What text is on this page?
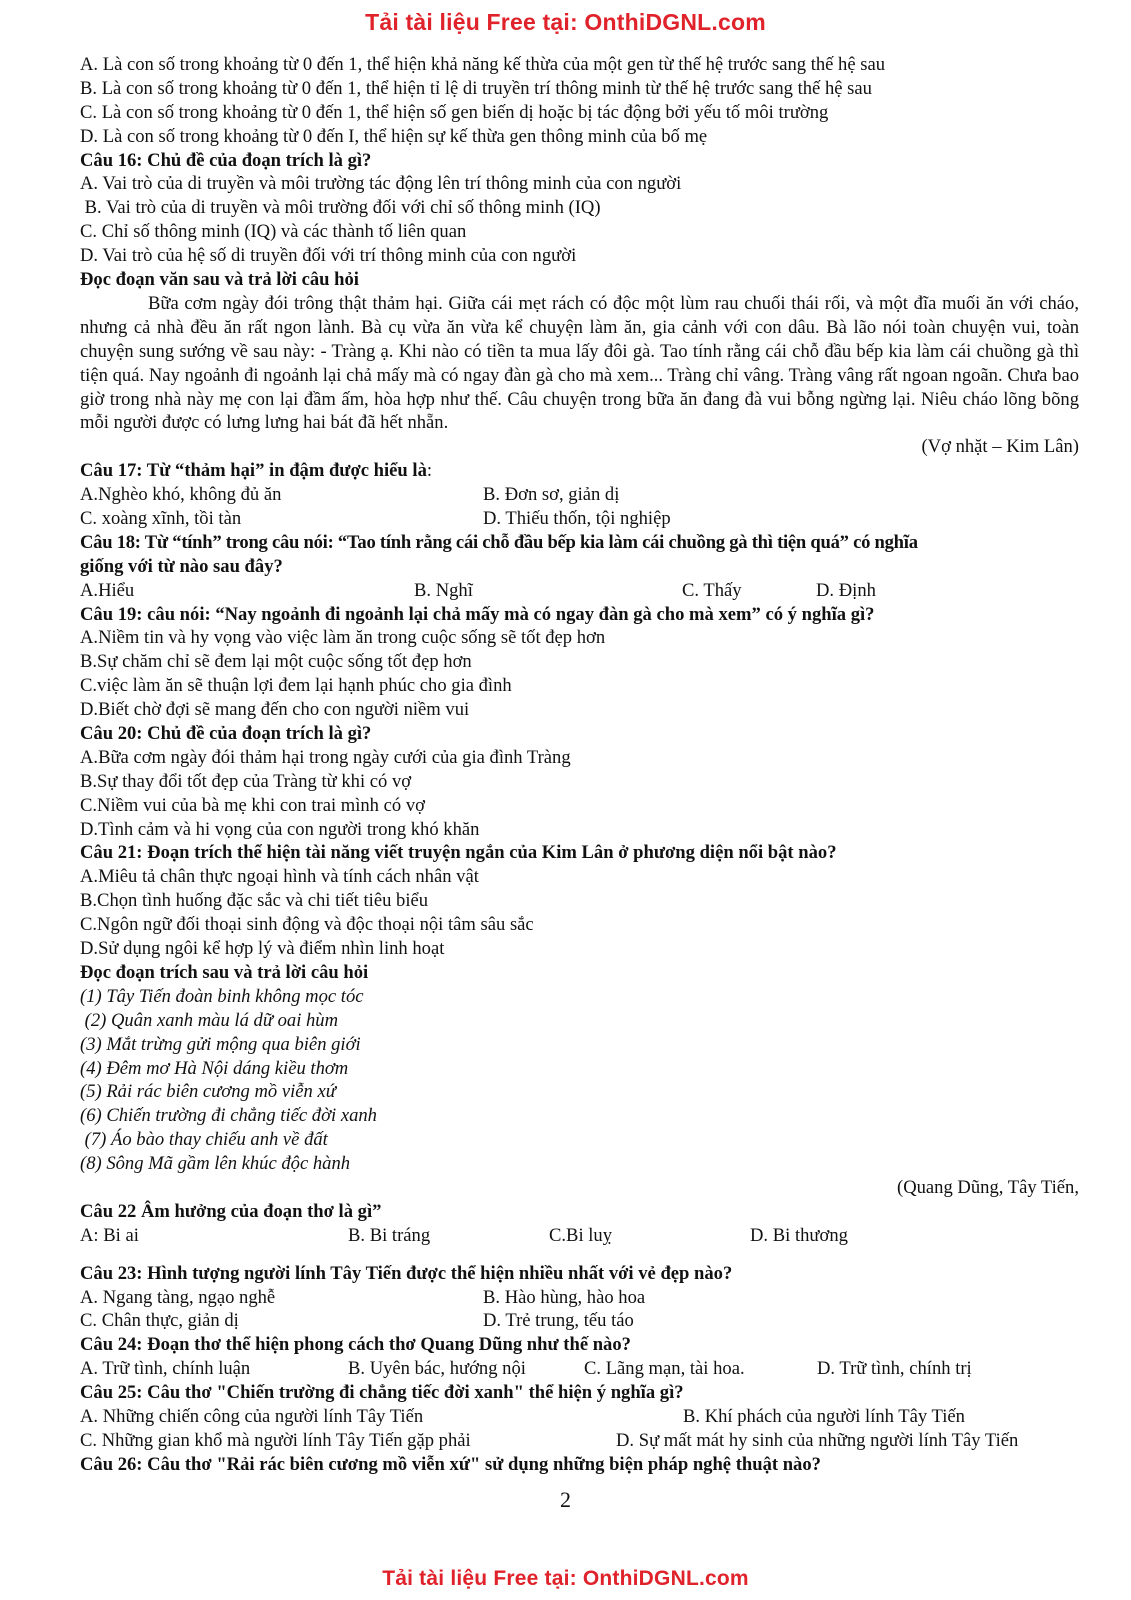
Tải tài liệu Free tại: OnthiDGNL.com
A. Là con số trong khoảng từ 0 đến 1, thể hiện khả năng kế thừa của một gen từ thế hệ trước sang thế hệ sau
B. Là con số trong khoảng từ 0 đến 1, thể hiện tỉ lệ di truyền trí thông minh từ thế hệ trước sang thế hệ sau
C. Là con số trong khoảng từ 0 đến 1, thể hiện số gen biến dị hoặc bị tác động bởi yếu tố môi trường
D. Là con số trong khoảng từ 0 đến I, thể hiện sự kế thừa gen thông minh của bố mẹ
Câu 16: Chủ đề của đoạn trích là gì?
A. Vai trò của di truyền và môi trường tác động lên trí thông minh của con người
B. Vai trò của di truyền và môi trường đối với chỉ số thông minh (IQ)
C. Chỉ số thông minh (IQ) và các thành tố liên quan
D. Vai trò của hệ số di truyền đối với trí thông minh của con người
Đọc đoạn văn sau và trả lời câu hỏi
Bữa cơm ngày đói trông thật thảm hại. Giữa cái mẹt rách có độc một lùm rau chuối thái rối, và một đĩa muối ăn với cháo, nhưng cả nhà đều ăn rất ngon lành. Bà cụ vừa ăn vừa kể chuyện làm ăn, gia cảnh với con dâu. Bà lão nói toàn chuyện vui, toàn chuyện sung sướng về sau này: - Tràng ạ. Khi nào có tiền ta mua lấy đôi gà. Tao tính rằng cái chỗ đầu bếp kia làm cái chuồng gà thì tiện quá. Nay ngoảnh đi ngoảnh lại chả mấy mà có ngay đàn gà cho mà xem... Tràng chỉ vâng. Tràng vâng rất ngoan ngoãn. Chưa bao giờ trong nhà này mẹ con lại đầm ấm, hòa hợp như thế. Câu chuyện trong bữa ăn đang đà vui bỗng ngừng lại. Niêu cháo lõng bõng mỗi người được có lưng lưng hai bát đã hết nhẵn.
(Vợ nhặt – Kim Lân)
Câu 17: Từ “thảm hại” in đậm được hiểu là:
A.Nghèo khó, không đủ ăn	B. Đơn sơ, giản dị
C. xoàng xĩnh, tồi tàn	D. Thiếu thốn, tội nghiệp
Câu 18: Từ “tính” trong câu nói: “Tao tính rằng cái chỗ đầu bếp kia làm cái chuồng gà thì tiện quá” có nghĩa
giống với từ nào sau đây?
A.Hiểu	B. Nghĩ	C. Thấy	D. Định
Câu 19: câu nói: “Nay ngoảnh đi ngoảnh lại chả mấy mà có ngay đàn gà cho mà xem” có ý nghĩa gì?
A.Niềm tin và hy vọng vào việc làm ăn trong cuộc sống sẽ tốt đẹp hơn
B.Sự chăm chỉ sẽ đem lại một cuộc sống tốt đẹp hơn
C.việc làm ăn sẽ thuận lợi đem lại hạnh phúc cho gia đình
D.Biết chờ đợi sẽ mang đến cho con người niềm vui
Câu 20: Chủ đề của đoạn trích là gì?
A.Bữa cơm ngày đói thảm hại trong ngày cưới của gia đình Tràng
B.Sự thay đổi tốt đẹp của Tràng từ khi có vợ
C.Niềm vui của bà mẹ khi con trai mình có vợ
D.Tình cảm và hi vọng của con người trong khó khăn
Câu 21: Đoạn trích thể hiện tài năng viết truyện ngắn của Kim Lân ở phương diện nổi bật nào?
A.Miêu tả chân thực ngoại hình và tính cách nhân vật
B.Chọn tình huống đặc sắc và chi tiết tiêu biểu
C.Ngôn ngữ đối thoại sinh động và độc thoại nội tâm sâu sắc
D.Sử dụng ngôi kể hợp lý và điểm nhìn linh hoạt
Đọc đoạn trích sau và trả lời câu hỏi
(1) Tây Tiến đoàn binh không mọc tóc
(2) Quân xanh màu lá dữ oai hùm
(3) Mắt trừng gửi mộng qua biên giới
(4) Đêm mơ Hà Nội dáng kiều thơm
(5) Rải rác biên cương mồ viễn xứ
(6) Chiến trường đi chẳng tiếc đời xanh
(7) Áo bào thay chiếu anh về đất
(8) Sông Mã gầm lên khúc độc hành
(Quang Dũng, Tây Tiến,
Câu 22 Âm hưởng của đoạn thơ là gì”
A: Bi ai	B. Bi tráng	C.Bi luỵ	D. Bi thương
Câu 23: Hình tượng người lính Tây Tiến được thể hiện nhiều nhất với vẻ đẹp nào?
A. Ngang tàng, ngạo nghễ	B. Hào hùng, hào hoa
C. Chân thực, giản dị	D. Trẻ trung, tếu táo
Câu 24: Đoạn thơ thể hiện phong cách thơ Quang Dũng như thế nào?
A. Trữ tình, chính luận	B. Uyên bác, hướng nội	C. Lãng mạn, tài hoa.	D. Trữ tình, chính trị
Câu 25: Câu thơ "Chiến trường đi chẳng tiếc đời xanh" thể hiện ý nghĩa gì?
A. Những chiến công của người lính Tây Tiến	B. Khí phách của người lính Tây Tiến
C. Những gian khổ mà người lính Tây Tiến gặp phải	D. Sự mất mát hy sinh của những người lính Tây Tiến
Câu 26: Câu thơ "Rải rác biên cương mồ viễn xứ" sử dụng những biện pháp nghệ thuật nào?
2
Tải tài liệu Free tại: OnthiDGNL.com
